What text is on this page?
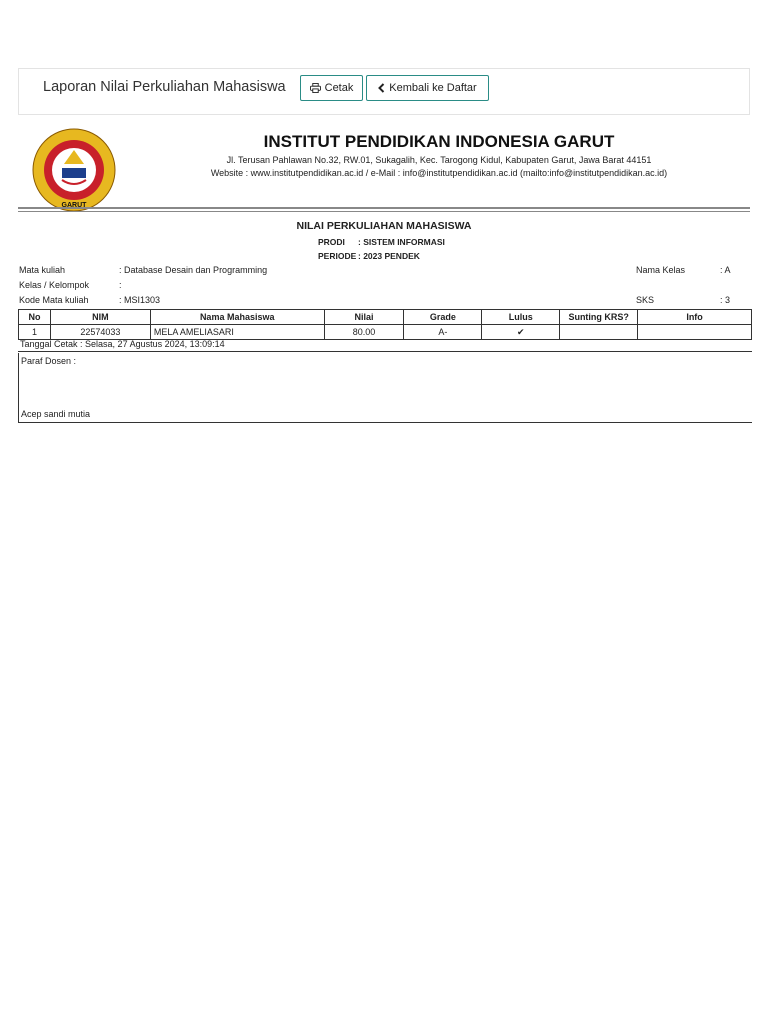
Laporan Nilai Perkuliahan Mahasiswa	Cetak	Kembali ke Daftar
GARUT
INSTITUT PENDIDIKAN INDONESIA GARUT
Jl. Terusan Pahlawan No.32, RW.01, Sukagalih, Kec. Tarogong Kidul, Kabupaten Garut, Jawa Barat 44151
Website : www.institutpendidikan.ac.id / e-Mail : info@institutpendidikan.ac.id (mailto:info@institutpendidikan.ac.id)
NILAI PERKULIAHAN MAHASISWA
PRODI : SISTEM INFORMASI
PERIODE : 2023 PENDEK
Mata kuliah	: Database Desain dan Programming
Kelas / Kelompok	:
Kode Mata kuliah	: MSI1303
Nama Kelas	: A
SKS	: 3
No	NIM	Nama Mahasiswa	Nilai	Grade	Lulus	Sunting KRS?	Info
1	22574033	MELA AMELIASARI	80.00	A-	✔		
Tanggal Cetak : Selasa, 27 Agustus 2024, 13:09:14
Paraf Dosen :
Acep sandi mutia
